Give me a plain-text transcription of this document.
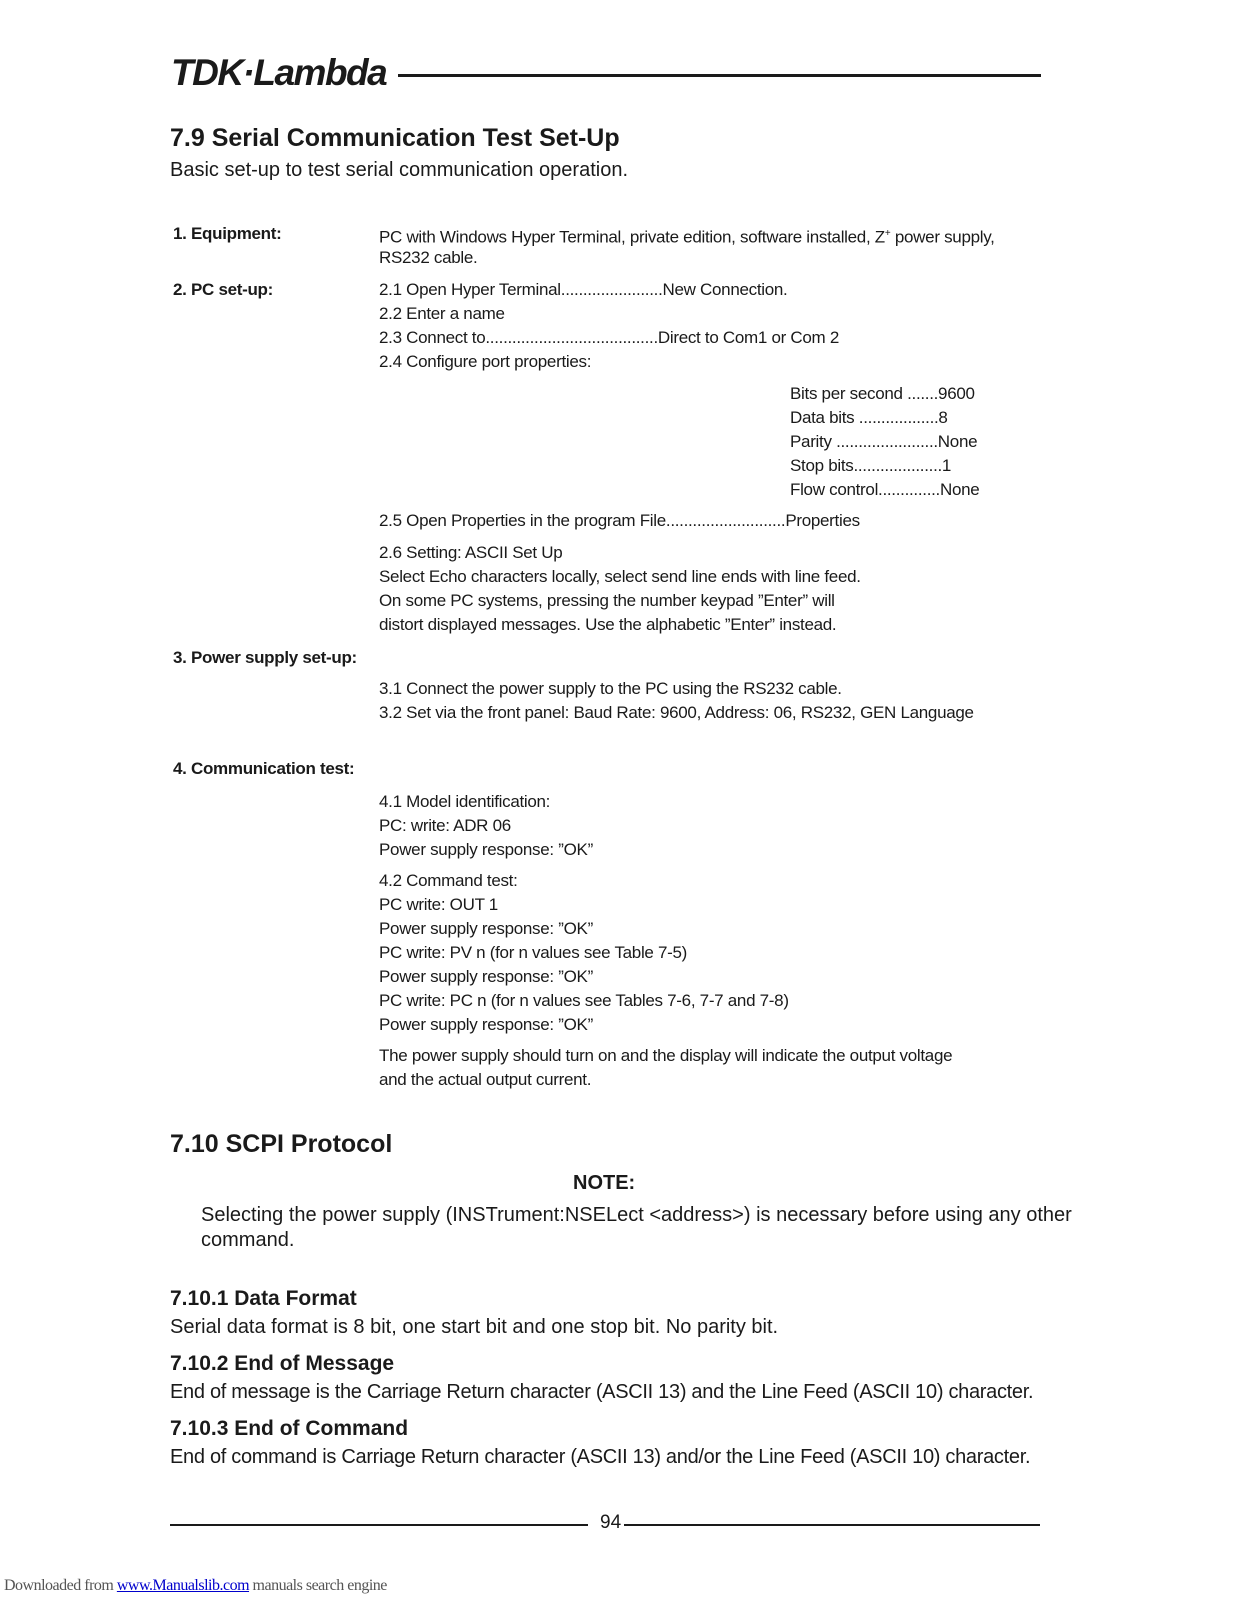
TDK·Lambda
7.9 Serial Communication Test Set-Up
Basic set-up to test serial communication operation.
1. Equipment:	PC with Windows Hyper Terminal, private edition, software installed, Z+ power supply,
RS232 cable.
2. PC set-up:	2.1 Open Hyper Terminal.......................New Connection.
2.2 Enter a name
2.3 Connect to.......................................Direct to Com1 or Com 2
2.4 Configure port properties:
Bits per second .......9600
Data bits ..................8
Parity .......................None
Stop bits....................1
Flow control..............None
2.5 Open Properties in the program File...........................Properties
2.6 Setting: ASCII Set Up
Select Echo characters locally, select send line ends with line feed.
On some PC systems, pressing the number keypad ”Enter” will
distort displayed messages. Use the alphabetic ”Enter” instead.
3. Power supply set-up:
3.1 Connect the power supply to the PC using the RS232 cable.
3.2 Set via the front panel: Baud Rate: 9600, Address: 06, RS232, GEN Language
4. Communication test:
4.1 Model identification:
PC: write: ADR 06
Power supply response: ”OK”
4.2 Command test:
PC write: OUT 1
Power supply response: ”OK”
PC write: PV n (for n values see Table 7-5)
Power supply response: ”OK”
PC write: PC n (for n values see Tables 7-6, 7-7 and 7-8)
Power supply response: ”OK”
The power supply should turn on and the display will indicate the output voltage
and the actual output current.
7.10 SCPI Protocol
NOTE:
Selecting the power supply (INSTrument:NSELect <address>) is necessary before using any other
command.
7.10.1 Data Format
Serial data format is 8 bit, one start bit and one stop bit. No parity bit.
7.10.2 End of Message
End of message is the Carriage Return character (ASCII 13) and the Line Feed (ASCII 10) character.
7.10.3 End of Command
End of command is Carriage Return character (ASCII 13) and/or the Line Feed (ASCII 10) character.
94
Downloaded from www.Manualslib.com manuals search engine
